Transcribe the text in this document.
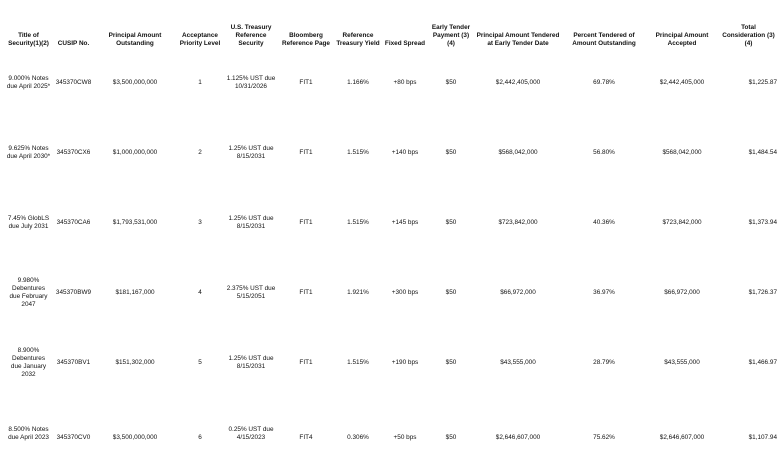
Title of Security(1)(2)	CUSIP No.	Principal Amount Outstanding	Acceptance Priority Level	U.S. Treasury Reference Security	Bloomberg Reference Page	Reference Treasury Yield	Fixed Spread	Early Tender Payment (3)(4)	Principal Amount Tendered at Early Tender Date	Percent Tendered of Amount Outstanding	Principal Amount Accepted	Total Consideration (3)(4)
9.000% Notes due April 2025*	345370CW8	$3,500,000,000	1	1.125% UST due 10/31/2026	FIT1	1.166%	+80 bps	$50	$2,442,405,000	69.78%	$2,442,405,000	$1,225.87
9.625% Notes due April 2030*	345370CX6	$1,000,000,000	2	1.25% UST due 8/15/2031	FIT1	1.515%	+140 bps	$50	$568,042,000	56.80%	$568,042,000	$1,484.54
7.45% GlobLS due July 2031	345370CA6	$1,793,531,000	3	1.25% UST due 8/15/2031	FIT1	1.515%	+145 bps	$50	$723,842,000	40.36%	$723,842,000	$1,373.94
9.980% Debentures due February 2047	345370BW9	$181,167,000	4	2.375% UST due 5/15/2051	FIT1	1.921%	+300 bps	$50	$66,972,000	36.97%	$66,972,000	$1,726.37
8.900% Debentures due January 2032	345370BV1	$151,302,000	5	1.25% UST due 8/15/2031	FIT1	1.515%	+190 bps	$50	$43,555,000	28.79%	$43,555,000	$1,466.97
8.500% Notes due April 2023	345370CV0	$3,500,000,000	6	0.25% UST due 4/15/2023	FIT4	0.306%	+50 bps	$50	$2,646,607,000	75.62%	$2,646,607,000	$1,107.94
